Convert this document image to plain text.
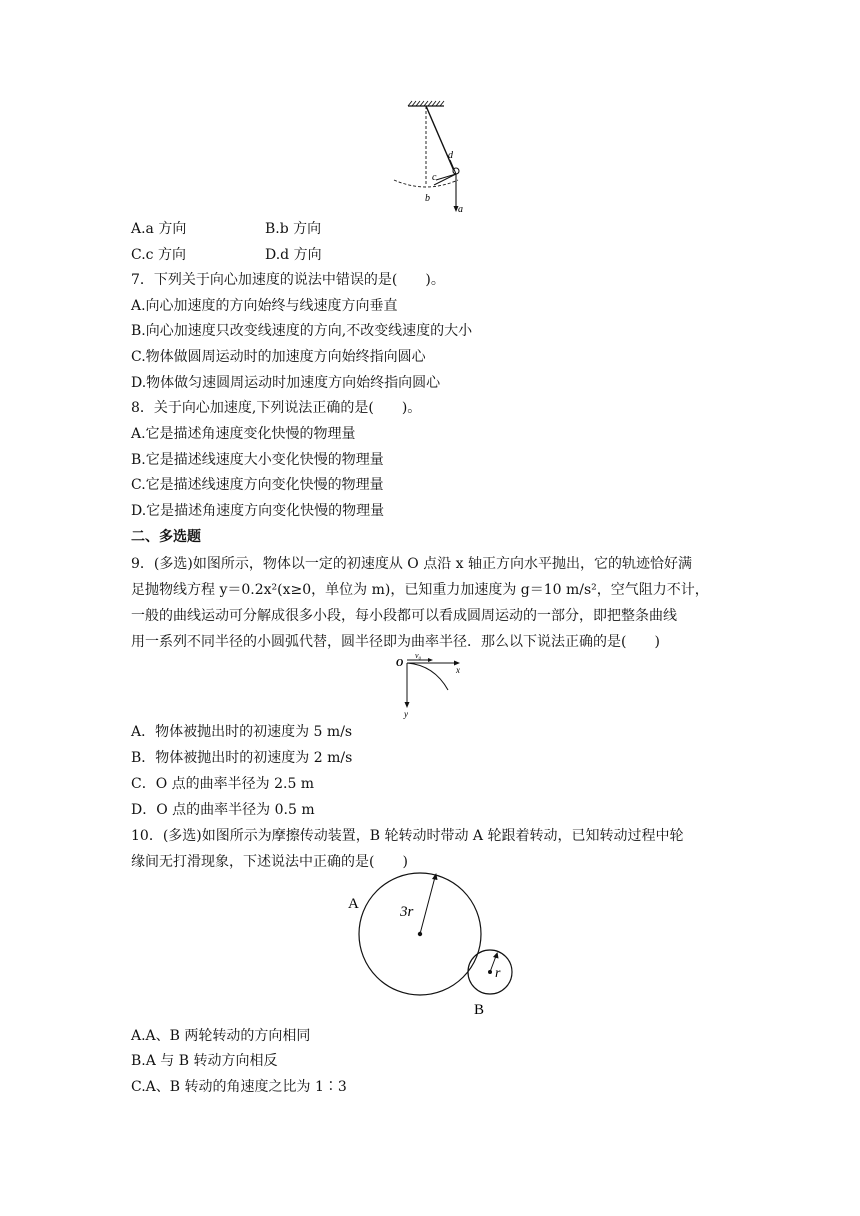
d
c
b
a
A.a 方向	B.b 方向
C.c 方向	D.d 方向
7．下列关于向心加速度的说法中错误的是(　　)。
A.向心加速度的方向始终与线速度方向垂直
B.向心加速度只改变线速度的方向,不改变线速度的大小
C.物体做圆周运动时的加速度方向始终指向圆心
D.物体做匀速圆周运动时加速度方向始终指向圆心
8．关于向心加速度,下列说法正确的是(　　)。
A.它是描述角速度变化快慢的物理量
B.它是描述线速度大小变化快慢的物理量
C.它是描述线速度方向变化快慢的物理量
D.它是描述角速度方向变化快慢的物理量
二、多选题
9．(多选)如图所示，物体以一定的初速度从 O 点沿 x 轴正方向水平抛出，它的轨迹恰好满
足抛物线方程 y＝0.2x²(x≥0，单位为 m)，已知重力加速度为 g＝10 m/s²，空气阻力不计，
一般的曲线运动可分解成很多小段，每小段都可以看成圆周运动的一部分，即把整条曲线
用一系列不同半径的小圆弧代替，圆半径即为曲率半径．那么以下说法正确的是(　　)
O
x
v₀
y
A．物体被抛出时的初速度为 5 m/s
B．物体被抛出时的初速度为 2 m/s
C．O 点的曲率半径为 2.5 m
D．O 点的曲率半径为 0.5 m
10．(多选)如图所示为摩擦传动装置，B 轮转动时带动 A 轮跟着转动，已知转动过程中轮
缘间无打滑现象，下述说法中正确的是(　　)
3r
A
r
B
A.A、B 两轮转动的方向相同
B.A 与 B 转动方向相反
C.A、B 转动的角速度之比为 1∶3
